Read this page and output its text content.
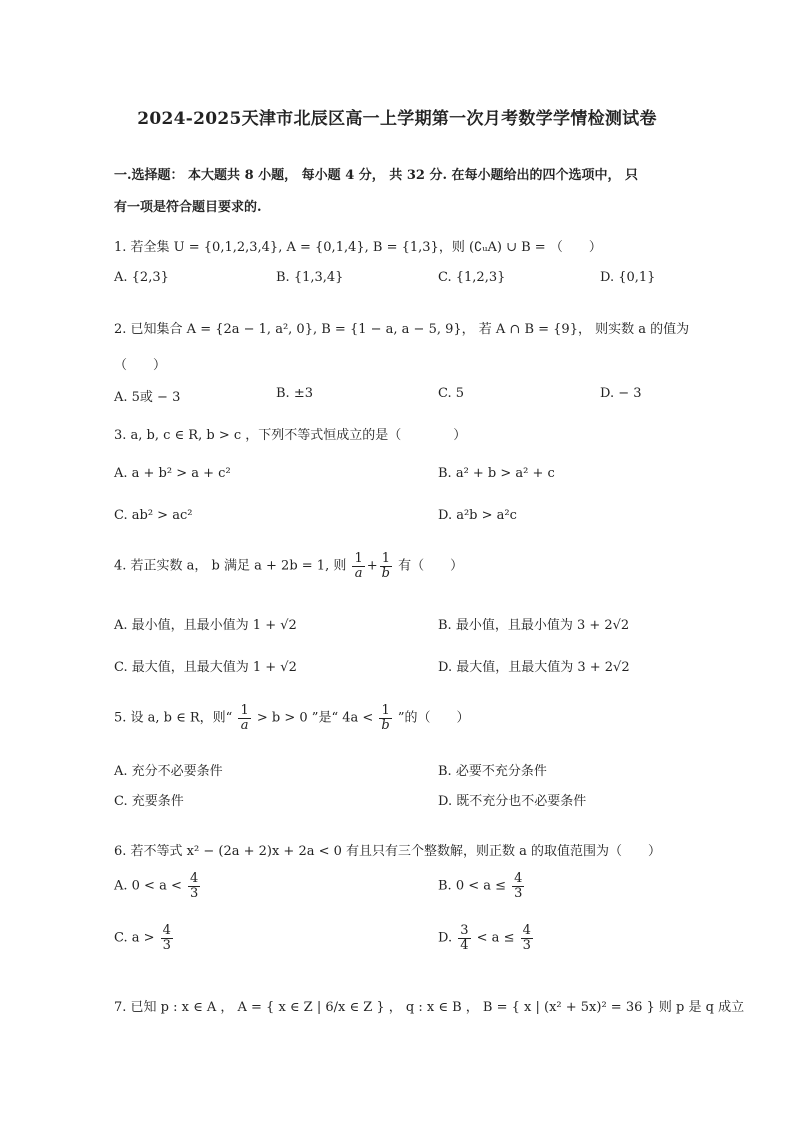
2024-2025天津市北辰区高一上学期第一次月考数学学情检测试卷
一.选择题： 本大题共 8 小题， 每小题 4 分， 共 32 分. 在每小题给出的四个选项中， 只
有一项是符合题目要求的.
1. 若全集 U = {0,1,2,3,4}, A = {0,1,4}, B = {1,3}，则 (∁ᵤA) ∪ B = （　　）
A. {2,3}	B. {1,3,4}	C. {1,2,3}	D. {0,1}
2. 已知集合 A = {2a − 1, a², 0}, B = {1 − a, a − 5, 9}， 若 A ∩ B = {9}， 则实数 a 的值为
（　　）
A. 5或 − 3	B. ±3	C. 5	D. − 3
3. a, b, c ∈ R, b > c ，下列不等式恒成立的是（　　　　）
A. a + b² > a + c²	B. a² + b > a² + c
C. ab² > ac²	D. a²b > a²c
4. 若正实数 a， b 满足 a + 2b = 1, 则 $\frac{1}{a} + \frac{1}{b}$ 有（　　）
A. 最小值，且最小值为 1 + √2	B. 最小值，且最小值为 3 + 2√2
C. 最大值，且最大值为 1 + √2	D. 最大值，且最大值为 3 + 2√2
5. 设 a, b ∈ R，则“ $\frac{1}{a} > b > 0$ ”是“ $4a < \frac{1}{b}$ ”的（　　）
A. 充分不必要条件	B. 必要不充分条件
C. 充要条件	D. 既不充分也不必要条件
6. 若不等式 x² − (2a + 2)x + 2a < 0 有且只有三个整数解，则正数 a 的取值范围为（　　）
A. $0 < a < \frac{4}{3}$	B. $0 < a \le \frac{4}{3}$
C. $a > \frac{4}{3}$	D. $\frac{3}{4} < a \le \frac{4}{3}$
7. 已知 p : x ∈ A ， A = { x ∈ Z | 6/x ∈ Z } ， q : x ∈ B ， B = { x | (x² + 5x)² = 36 } 则 p 是 q 成立
